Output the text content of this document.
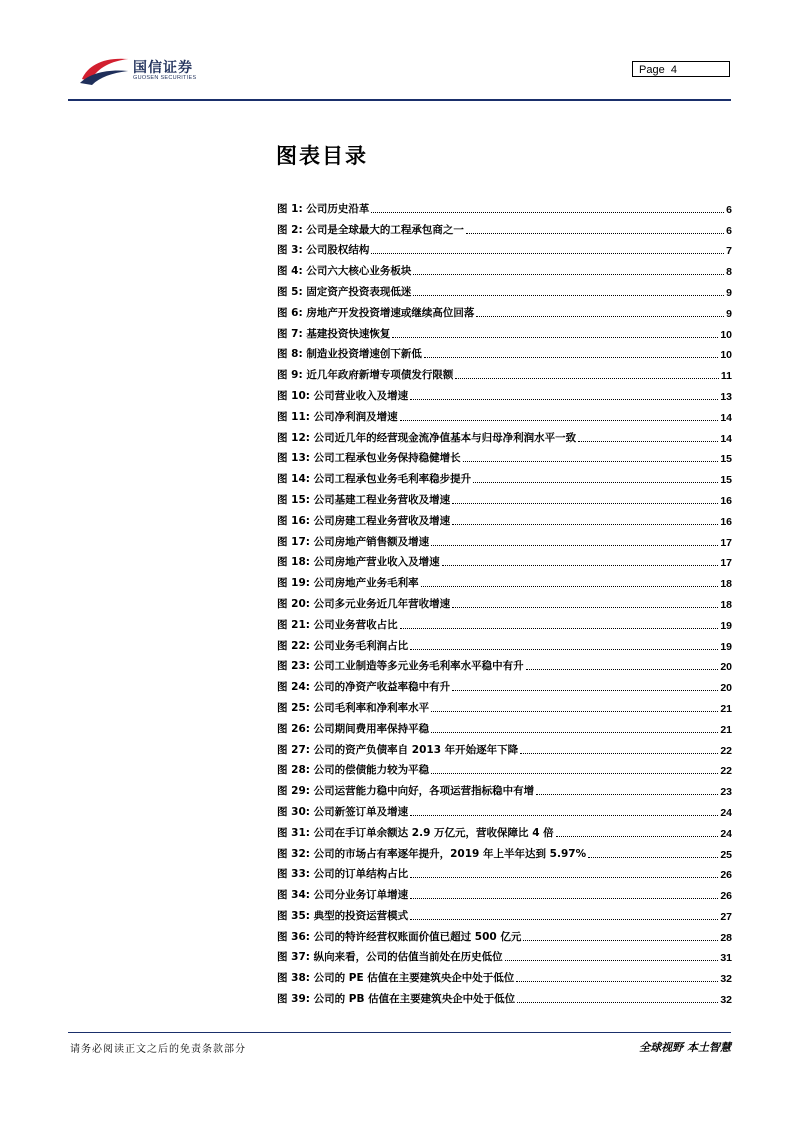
国信证券
GUOSEN SECURITIES
Page 4
图表目录
图 1:
公司历史沿革	6
图 2:
公司是全球最大的工程承包商之一	6
图 3:
公司股权结构	7
图 4:
公司六大核心业务板块	8
图 5:
固定资产投资表现低迷	9
图 6:
房地产开发投资增速或继续高位回落	9
图 7:
基建投资快速恢复	10
图 8:
制造业投资增速创下新低	10
图 9:
近几年政府新增专项债发行限额	11
图 10:
公司营业收入及增速	13
图 11:
公司净利润及增速	14
图 12:
公司近几年的经营现金流净值基本与归母净利润水平一致	14
图 13:
公司工程承包业务保持稳健增长	15
图 14:
公司工程承包业务毛利率稳步提升	15
图 15:
公司基建工程业务营收及增速	16
图 16:
公司房建工程业务营收及增速	16
图 17:
公司房地产销售额及增速	17
图 18:
公司房地产营业收入及增速	17
图 19:
公司房地产业务毛利率	18
图 20:
公司多元业务近几年营收增速	18
图 21:
公司业务营收占比	19
图 22:
公司业务毛利润占比	19
图 23:
公司工业制造等多元业务毛利率水平稳中有升	20
图 24:
公司的净资产收益率稳中有升	20
图 25:
公司毛利率和净利率水平	21
图 26:
公司期间费用率保持平稳	21
图 27:
公司的资产负债率自 2013 年开始逐年下降	22
图 28:
公司的偿债能力较为平稳	22
图 29:
公司运营能力稳中向好，各项运营指标稳中有增	23
图 30:
公司新签订单及增速	24
图 31:
公司在手订单余额达 2.9 万亿元，营收保障比 4 倍	24
图 32:
公司的市场占有率逐年提升，2019 年上半年达到 5.97%	25
图 33:
公司的订单结构占比	26
图 34:
公司分业务订单增速	26
图 35:
典型的投资运营模式	27
图 36:
公司的特许经营权账面价值已超过 500 亿元	28
图 37:
纵向来看，公司的估值当前处在历史低位	31
图 38:
公司的 PE 估值在主要建筑央企中处于低位	32
图 39:
公司的 PB 估值在主要建筑央企中处于低位	32
请务必阅读正文之后的免责条款部分	全球视野 本土智慧
